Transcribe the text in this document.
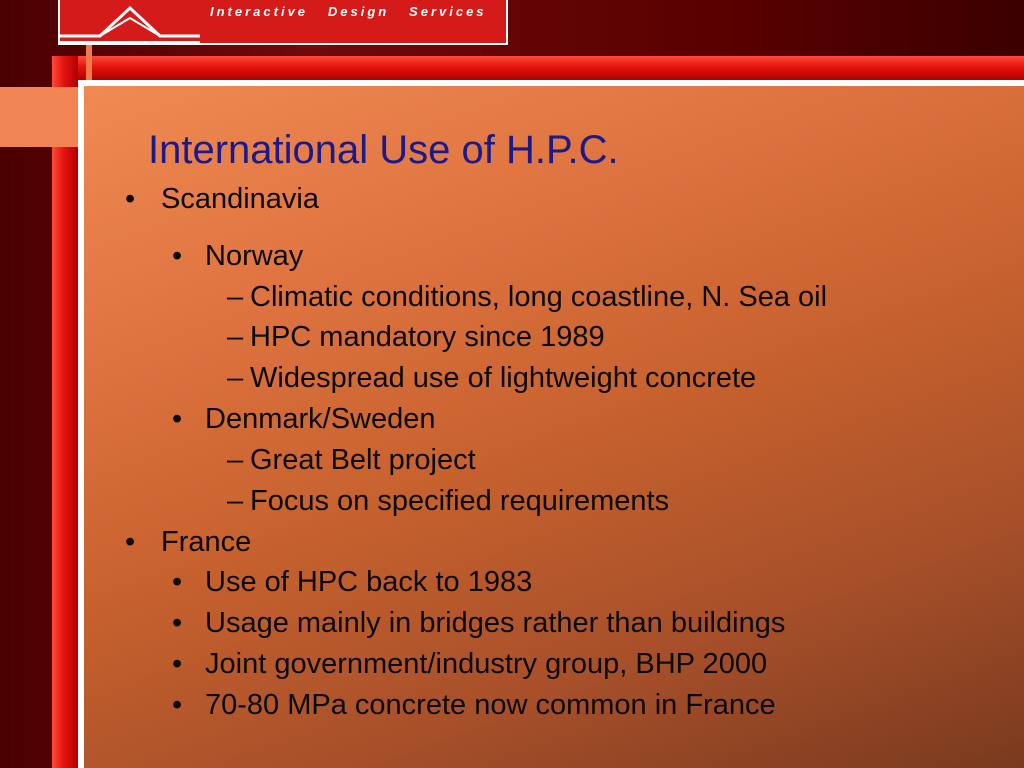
Interactive   Design   Services
International Use of H.P.C.
• Scandinavia
• Norway
– Climatic conditions, long coastline, N. Sea oil
– HPC mandatory since 1989
– Widespread use of lightweight concrete
• Denmark/Sweden
– Great Belt project
– Focus on specified requirements
• France
• Use of HPC back to 1983
• Usage mainly in bridges rather than buildings
• Joint government/industry group, BHP 2000
• 70-80 MPa concrete now common in France
